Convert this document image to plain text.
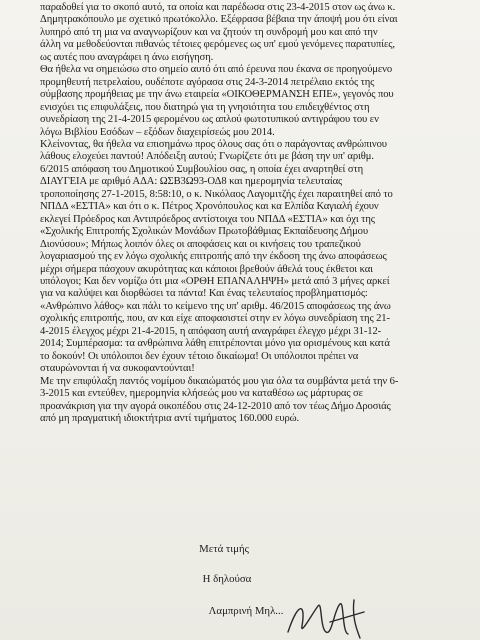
παραδοθεί για το σκοπό αυτό, τα οποία και παρέδωσα στις 23-4-2015 στον ως άνω κ.
Δημητρακόπουλο με σχετικό πρωτόκολλο. Εξέφρασα βέβαια την άποψή μου ότι είναι
λυπηρό από τη μια να αναγνωρίζουν και να ζητούν τη συνδρομή μου και από την
άλλη να μεθοδεύονται πιθανώς τέτοιες φερόμενες ως υπ' εμού γενόμενες παρατυπίες,
ως αυτές που αναγράφει η άνω εισήγηση.

Θα ήθελα να σημειώσω στο σημείο αυτό ότι από έρευνα που έκανα σε προηγούμενο
προμηθευτή πετρελαίου, ουδέποτε αγόρασα στις 24-3-2014 πετρέλαιο εκτός της
σύμβασης προμήθειας με την άνω εταιρεία «ΟΙΚΟΘΕΡΜΑΝΣΗ ΕΠΕ», γεγονός που
ενισχύει τις επιφυλάξεις, που διατηρώ για τη γνησιότητα του επιδειχθέντος στη
συνεδρίαση της 21-4-2015 φερομένου ως απλού φωτοτυπικού αντιγράφου του εν
λόγω Βιβλίου Εσόδων – εξόδων διαχειρίσεώς μου 2014.

Κλείνοντας, θα ήθελα να επισημάνω προς όλους σας ότι ο παράγοντας ανθρώπινου
λάθους ελοχεύει παντού! Απόδειξη αυτού; Γνωρίζετε ότι με βάση την υπ' αριθμ.
6/2015 απόφαση του Δημοτικού Συμβουλίου σας, η οποία έχει αναρτηθεί στη
ΔΙΑΥΓΕΙΑ με αριθμό ΑΔΑ: ΩΣΒ3Ω93-ΟΔ8 και ημερομηνία τελευταίας
τροποποίησης 27-1-2015, 8:58:10, ο κ. Νικόλαος Λαγομιτζής έχει παραιτηθεί από το
ΝΠΔΔ «ΕΣΤΙΑ» και ότι ο κ. Πέτρος Χρονόπουλος και κα Ελπίδα Καγιαλή έχουν
εκλεγεί Πρόεδρος και Αντιπρόεδρος αντίστοιχα του ΝΠΔΔ «ΕΣΤΙΑ» και όχι της
«Σχολικής Επιτροπής Σχολικών Μονάδων Πρωτοβάθμιας Εκπαίδευσης Δήμου
Διονύσου»; Μήπως λοιπόν όλες οι αποφάσεις και οι κινήσεις του τραπεζικού
λογαριασμού της εν λόγω σχολικής επιτροπής από την έκδοση της άνω αποφάσεως
μέχρι σήμερα πάσχουν ακυρότητας και κάποιοι βρεθούν άθελά τους έκθετοι και
υπόλογοι; Και δεν νομίζω ότι μια «ΟΡΘΗ ΕΠΑΝΑΛΗΨΗ» μετά από 3 μήνες αρκεί
για να καλύψει και διορθώσει τα πάντα! Και ένας τελευταίος προβληματισμός:
«Ανθρώπινο λάθος» και πάλι το κείμενο της υπ' αριθμ. 46/2015 αποφάσεως της άνω
σχολικής επιτροπής, που, αν και είχε αποφασιστεί στην εν λόγω συνεδρίαση της 21-
4-2015 έλεγχος μέχρι 21-4-2015, η απόφαση αυτή αναγράφει έλεγχο μέχρι 31-12-
2014; Συμπέρασμα: τα ανθρώπινα λάθη επιτρέπονται μόνο για ορισμένους και κατά
το δοκούν! Οι υπόλοιποι δεν έχουν τέτοιο δικαίωμα! Οι υπόλοιποι πρέπει να
σταυρώνονται ή να συκοφαντούνται!

Με την επιφύλαξη παντός νομίμου δικαιώματός μου για όλα τα συμβάντα μετά την 6-
3-2015 και εντεύθεν, ημερομηνία κλήσεώς μου να καταθέσω ως μάρτυρας σε
προανάκριση για την αγορά οικοπέδου στις 24-12-2010 από τον τέως Δήμο Δροσιάς
από μη πραγματική ιδιοκτήτρια αντί τιμήματος 160.000 ευρώ.

Μετά τιμής
Η δηλούσα
Λαμπρινή Μηλ...
